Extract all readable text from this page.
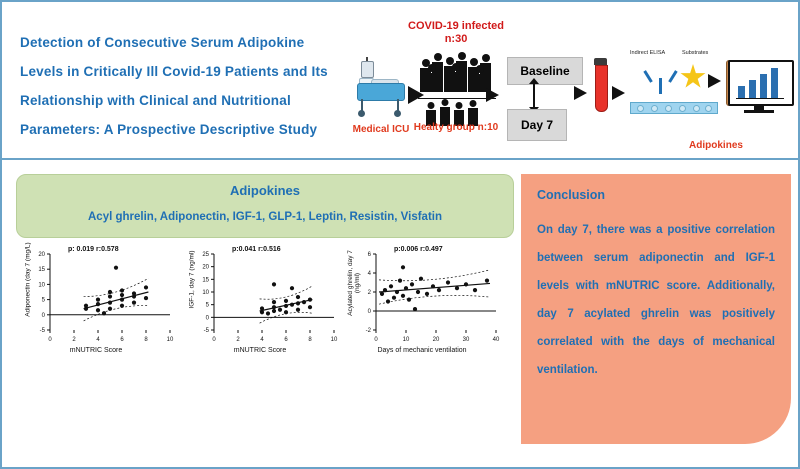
Detection of Consecutive Serum Adipokine
Levels in Critically Ill Covid-19 Patients and Its
Relationship with Clinical and Nutritional
Parameters: A Prospective Descriptive Study	Medical ICU
COVID-19 infected n:30
Healty group n:10
Baseline
Day 7
Indirect ELISA	Substrates
Adipokines
Adipokines
Acyl ghrelin, Adiponectin, IGF-1, GLP-1, Leptin, Resistin, Visfatin
0	2	4	6	8	10
-5
0
5
10
15
20
p: 0.019 r:0.578
mNUTRIC Score
Adiponectin (day 7 (mg/L)
0	2	4	6	8	10
-5
0
5
10
15
20
25
p:0.041 r:0.516
mNUTRIC Score
IGF-1, day 7 (ng/ml)
0	10	20	30	40
-2
0
2
4
6
p:0.006 r:0.497
Days of mechanic ventilation
Acylated ghrelin, day 7 (ng/ml)
Conclusion
On day 7, there was a positive correlation between serum adiponectin and IGF-1 levels with mNUTRIC score. Additionally, day 7 acylated ghrelin was positively correlated with the days of mechanical ventilation.
